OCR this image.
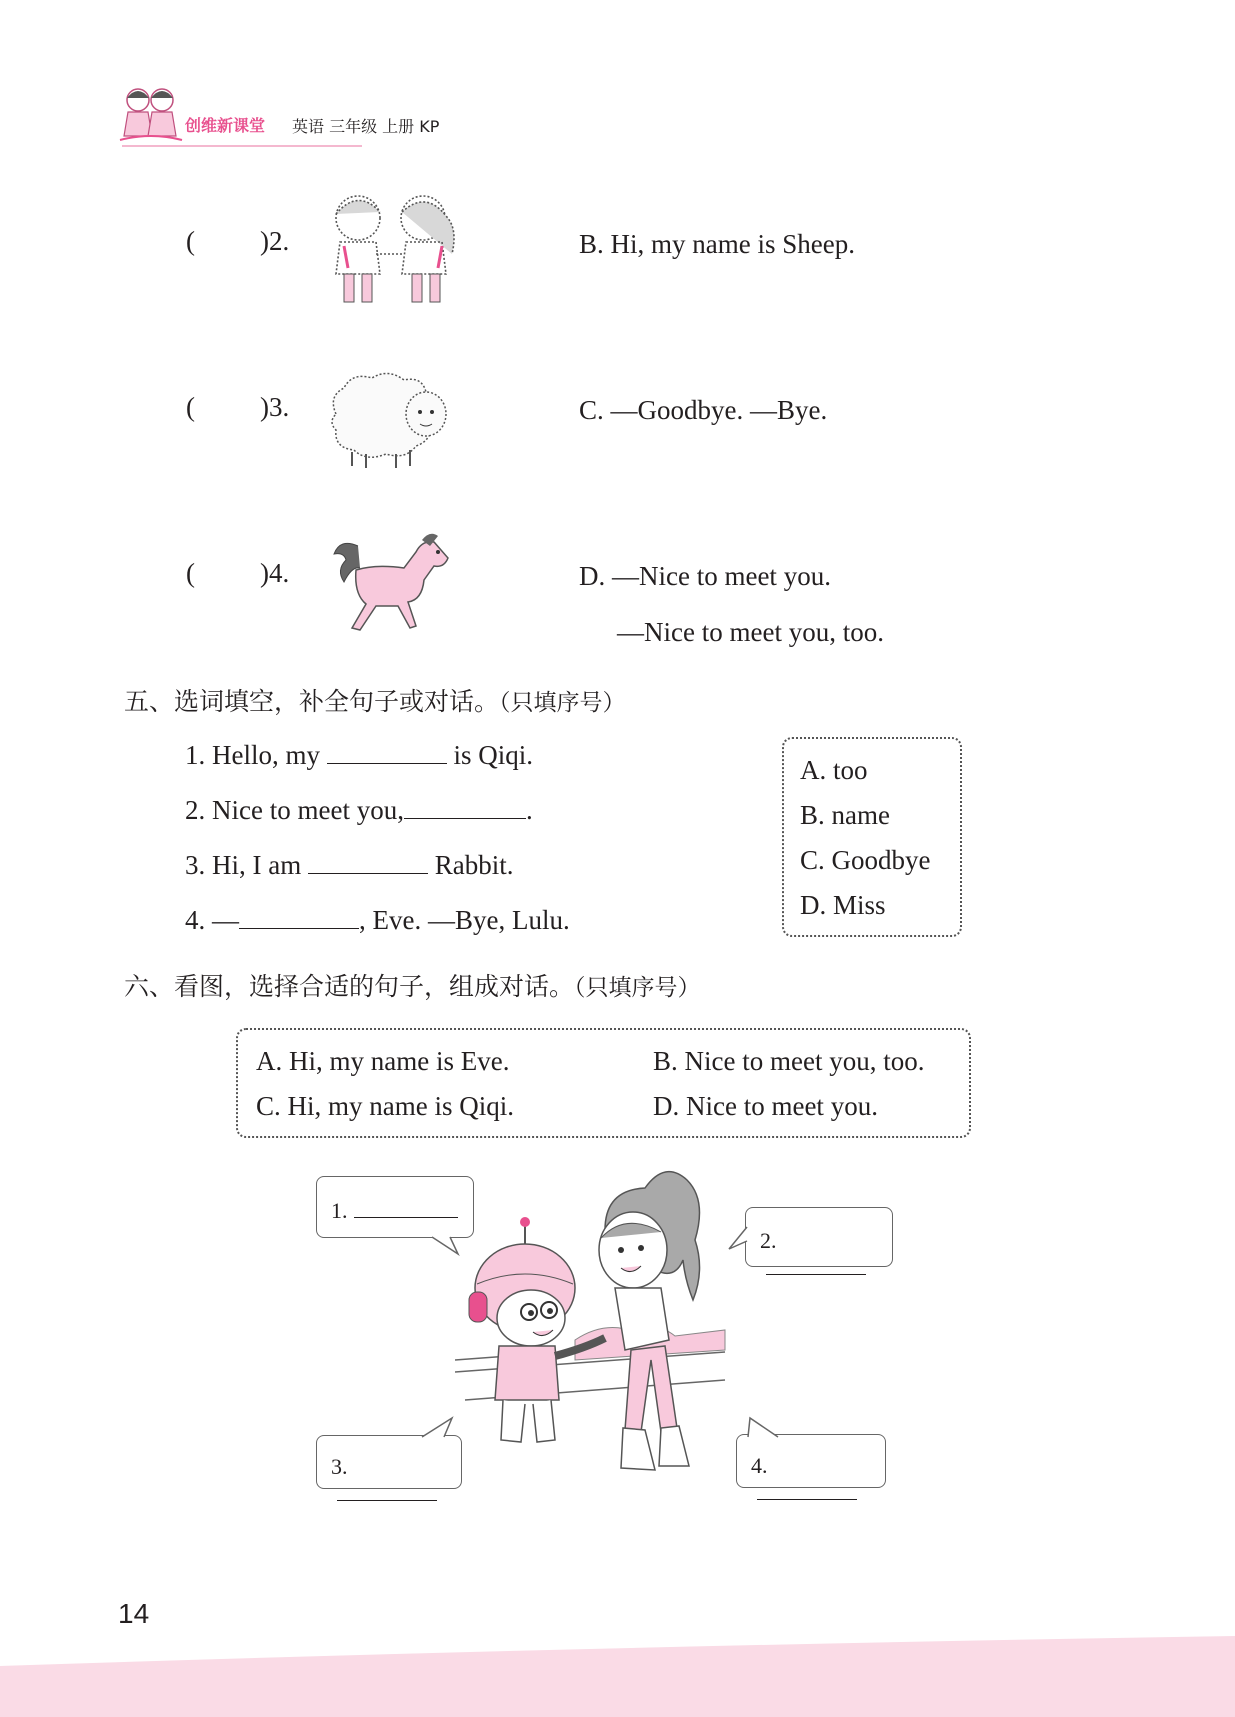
创维新课堂 英语 三年级 上册 KP
( )2.	B. Hi, my name is Sheep.
( )3.	C. —Goodbye. —Bye.
( )4.	D. —Nice to meet you.
—Nice to meet you, too.
五、选词填空，补全句子或对话。（只填序号）
1. Hello, my	is Qiqi.
2. Nice to meet you,	.
3. Hi, I am	Rabbit.
4. —	, Eve. —Bye, Lulu.
A. too
B. name
C. Goodbye
D. Miss
六、看图，选择合适的句子，组成对话。（只填序号）
A. Hi, my name is Eve.	B. Nice to meet you, too.
C. Hi, my name is Qiqi.	D. Nice to meet you.
1.
2.
3.	4.
14
